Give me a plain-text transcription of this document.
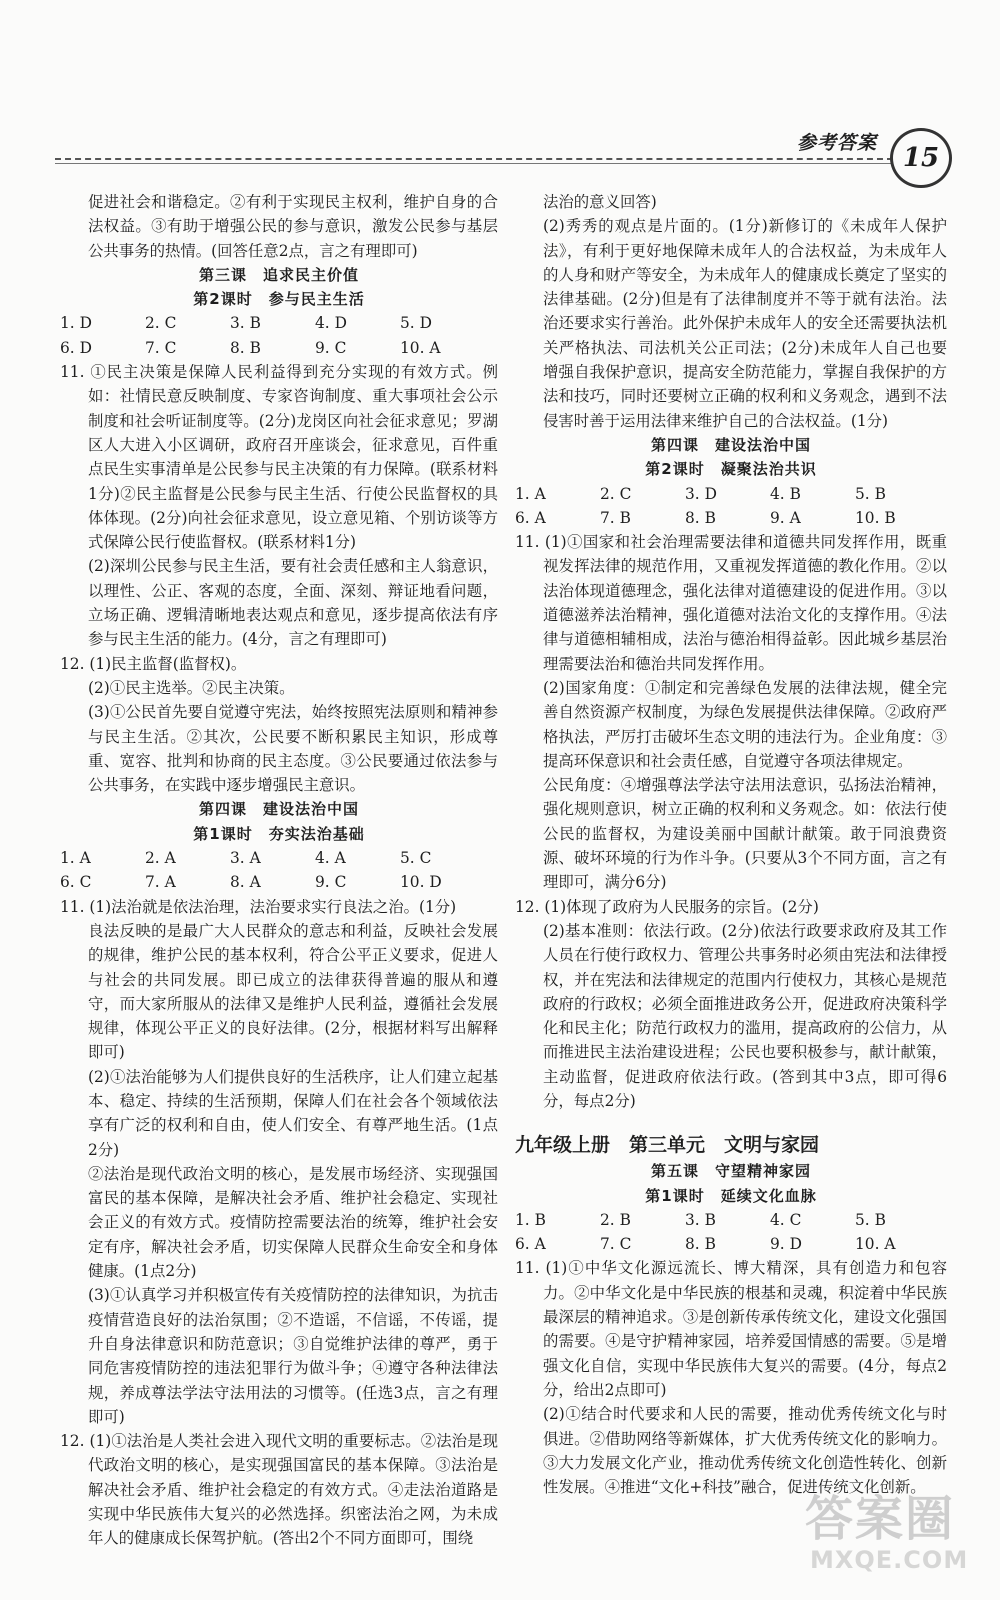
参考答案 15

促进社会和谐稳定。②有利于实现民主权利，维护自身的合法权益。③有助于增强公民的参与意识，激发公民参与基层公共事务的热情。(回答任意2点，言之有理即可)

第三课　追求民主价值

第2课时　参与民主生活

1. D	2. C	3. B	4. D	5. D
6. D	7. C	8. B	9. C	10. A

11. ①民主决策是保障人民利益得到充分实现的有效方式。例如：社情民意反映制度、专家咨询制度、重大事项社会公示制度和社会听证制度等。(2分)龙岗区向社会征求意见；罗湖区人大进入小区调研，政府召开座谈会，征求意见，百件重点民生实事清单是公民参与民主决策的有力保障。(联系材料1分)②民主监督是公民参与民主生活、行使公民监督权的具体体现。(2分)向社会征求意见，设立意见箱、个别访谈等方式保障公民行使监督权。(联系材料1分)

(2)深圳公民参与民主生活，要有社会责任感和主人翁意识，以理性、公正、客观的态度，全面、深刻、辩证地看问题，立场正确、逻辑清晰地表达观点和意见，逐步提高依法有序参与民主生活的能力。(4分，言之有理即可)

12. (1)民主监督(监督权)。

(2)①民主选举。②民主决策。

(3)①公民首先要自觉遵守宪法，始终按照宪法原则和精神参与民主生活。②其次，公民要不断积累民主知识，形成尊重、宽容、批判和协商的民主态度。③公民要通过依法参与公共事务，在实践中逐步增强民主意识。

第四课　建设法治中国

第1课时　夯实法治基础

1. A	2. A	3. A	4. A	5. C
6. C	7. A	8. A	9. C	10. D

11. (1)法治就是依法治理，法治要求实行良法之治。(1分)

良法反映的是最广大人民群众的意志和利益，反映社会发展的规律，维护公民的基本权利，符合公平正义要求，促进人与社会的共同发展。即已成立的法律获得普遍的服从和遵守，而大家所服从的法律又是维护人民利益，遵循社会发展规律，体现公平正义的良好法律。(2分，根据材料写出解释即可)

(2)①法治能够为人们提供良好的生活秩序，让人们建立起基本、稳定、持续的生活预期，保障人们在社会各个领域依法享有广泛的权利和自由，使人们安全、有尊严地生活。(1点2分)

②法治是现代政治文明的核心，是发展市场经济、实现强国富民的基本保障，是解决社会矛盾、维护社会稳定、实现社会正义的有效方式。疫情防控需要法治的统筹，维护社会安定有序，解决社会矛盾，切实保障人民群众生命安全和身体健康。(1点2分)

(3)①认真学习并积极宣传有关疫情防控的法律知识，为抗击疫情营造良好的法治氛围；②不造谣，不信谣，不传谣，提升自身法律意识和防范意识；③自觉维护法律的尊严，勇于同危害疫情防控的违法犯罪行为做斗争；④遵守各种法律法规，养成尊法学法守法用法的习惯等。(任选3点，言之有理即可)

12. (1)①法治是人类社会进入现代文明的重要标志。②法治是现代政治文明的核心，是实现强国富民的基本保障。③法治是解决社会矛盾、维护社会稳定的有效方式。④走法治道路是实现中华民族伟大复兴的必然选择。织密法治之网，为未成年人的健康成长保驾护航。(答出2个不同方面即可，围绕

法治的意义回答)

(2)秀秀的观点是片面的。(1分)新修订的《未成年人保护法》，有利于更好地保障未成年人的合法权益，为未成年人的人身和财产等安全，为未成年人的健康成长奠定了坚实的法律基础。(2分)但是有了法律制度并不等于就有法治。法治还要求实行善治。此外保护未成年人的安全还需要执法机关严格执法、司法机关公正司法；(2分)未成年人自己也要增强自我保护意识，提高安全防范能力，掌握自我保护的方法和技巧，同时还要树立正确的权利和义务观念，遇到不法侵害时善于运用法律来维护自己的合法权益。(1分)

第四课　建设法治中国

第2课时　凝聚法治共识

1. A	2. C	3. D	4. B	5. B
6. A	7. B	8. B	9. A	10. B

11. (1)①国家和社会治理需要法律和道德共同发挥作用，既重视发挥法律的规范作用，又重视发挥道德的教化作用。②以法治体现道德理念，强化法律对道德建设的促进作用。③以道德滋养法治精神，强化道德对法治文化的支撑作用。④法律与道德相辅相成，法治与德治相得益彰。因此城乡基层治理需要法治和德治共同发挥作用。

(2)国家角度：①制定和完善绿色发展的法律法规，健全完善自然资源产权制度，为绿色发展提供法律保障。②政府严格执法，严厉打击破坏生态文明的违法行为。企业角度：③提高环保意识和社会责任感，自觉遵守各项法律规定。

公民角度：④增强尊法学法守法用法意识，弘扬法治精神，强化规则意识，树立正确的权利和义务观念。如：依法行使公民的监督权，为建设美丽中国献计献策。敢于同浪费资源、破坏环境的行为作斗争。(只要从3个不同方面，言之有理即可，满分6分)

12. (1)体现了政府为人民服务的宗旨。(2分)

(2)基本准则：依法行政。(2分)依法行政要求政府及其工作人员在行使行政权力、管理公共事务时必须由宪法和法律授权，并在宪法和法律规定的范围内行使权力，其核心是规范政府的行政权；必须全面推进政务公开，促进政府决策科学化和民主化；防范行政权力的滥用，提高政府的公信力，从而推进民主法治建设进程；公民也要积极参与，献计献策，主动监督，促进政府依法行政。(答到其中3点，即可得6分，每点2分)

九年级上册　第三单元　文明与家园

第五课　守望精神家园

第1课时　延续文化血脉

1. B	2. B	3. B	4. C	5. B
6. A	7. C	8. B	9. D	10. A

11. (1)①中华文化源远流长、博大精深，具有创造力和包容力。②中华文化是中华民族的根基和灵魂，积淀着中华民族最深层的精神追求。③是创新传承传统文化，建设文化强国的需要。④是守护精神家园，培养爱国情感的需要。⑤是增强文化自信，实现中华民族伟大复兴的需要。(4分，每点2分，给出2点即可)

(2)①结合时代要求和人民的需要，推动优秀传统文化与时俱进。②借助网络等新媒体，扩大优秀传统文化的影响力。③大力发展文化产业，推动优秀传统文化创造性转化、创新性发展。④推进“文化+科技”融合，促进传统文化创新。

答案圈
MXQE.COM
